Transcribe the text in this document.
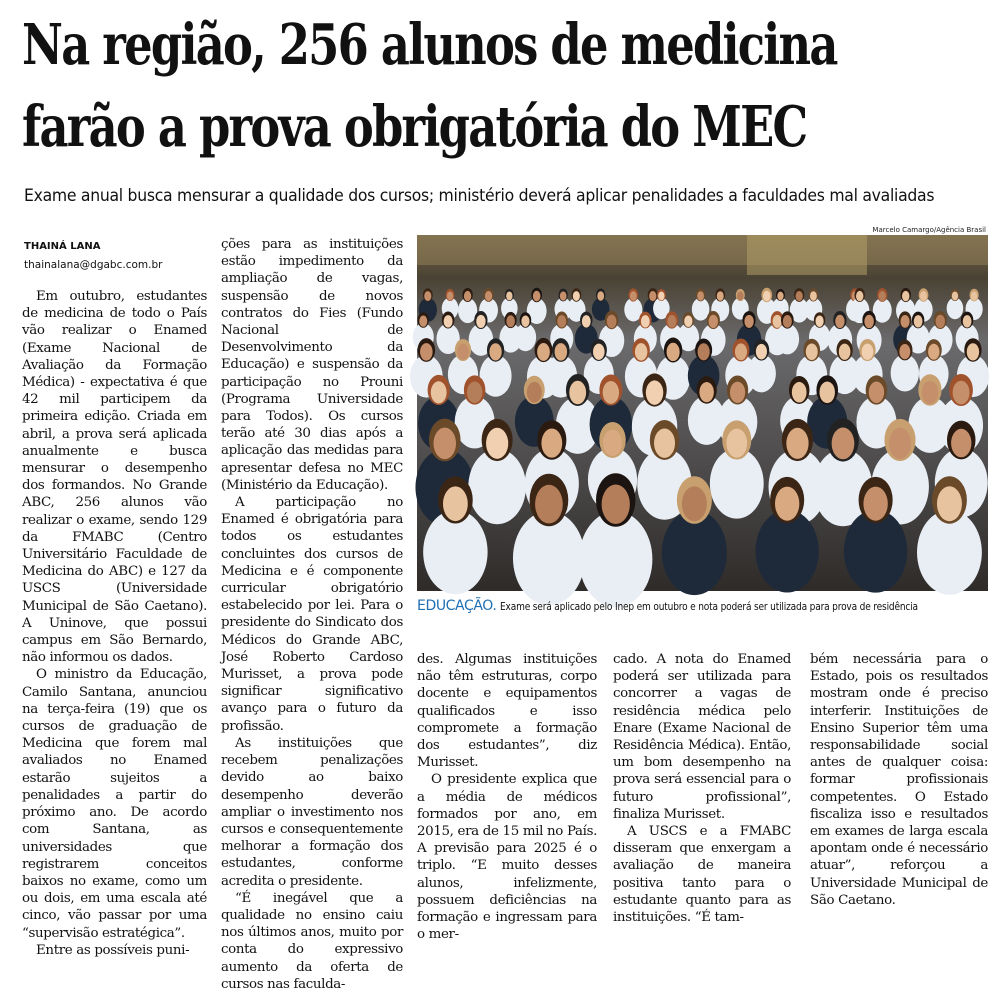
Na região, 256 alunos de medicina
farão a prova obrigatória do MEC
Exame anual busca mensurar a qualidade dos cursos; ministério deverá aplicar penalidades a faculdades mal avaliadas
THAINÁ LANA
thainalana@dgabc.com.br

Em outubro, estudantes de medicina de todo o País vão realizar o Enamed (Exame Nacional de Avaliação da Formação Médica) - expectativa é que 42 mil participem da primeira edição. Criada em abril, a prova será aplicada anualmente e busca mensurar o desempenho dos formandos. No Grande ABC, 256 alunos vão realizar o exame, sendo 129 da FMABC (Centro Universitário Faculdade de Medicina do ABC) e 127 da USCS (Universidade Municipal de São Caetano). A Uninove, que possui campus em São Bernardo, não informou os dados.

O ministro da Educação, Camilo Santana, anunciou na terça-feira (19) que os cursos de graduação de Medicina que forem mal avaliados no Enamed estarão sujeitos a penalidades a partir do próximo ano. De acordo com Santana, as universidades que registrarem conceitos baixos no exame, como um ou dois, em uma escala até cinco, vão passar por uma “supervisão estratégica”.

Entre as possíveis puni-

ções para as instituições estão impedimento da ampliação de vagas, suspensão de novos contratos do Fies (Fundo Nacional de Desenvolvimento da Educação) e suspensão da participação no Prouni (Programa Universidade para Todos). Os cursos terão até 30 dias após a aplicação das medidas para apresentar defesa no MEC (Ministério da Educação).

A participação no Enamed é obrigatória para todos os estudantes concluintes dos cursos de Medicina e é componente curricular obrigatório estabelecido por lei. Para o presidente do Sindicato dos Médicos do Grande ABC, José Roberto Cardoso Murisset, a prova pode significar significativo avanço para o futuro da profissão.

As instituições que recebem penalizações devido ao baixo desempenho deverão ampliar o investimento nos cursos e consequentemente melhorar a formação dos estudantes, conforme acredita o presidente.

“É inegável que a qualidade no ensino caiu nos últimos anos, muito por conta do expressivo aumento da oferta de cursos nas faculda-

Marcelo Camargo/Agência Brasil
EDUCAÇÃO. Exame será aplicado pelo Inep em outubro e nota poderá ser utilizada para prova de residência

des. Algumas instituições não têm estruturas, corpo docente e equipamentos qualificados e isso compromete a formação dos estudantes”, diz Murisset.

O presidente explica que a média de médicos formados por ano, em 2015, era de 15 mil no País. A previsão para 2025 é o triplo. “E muito desses alunos, infelizmente, possuem deficiências na formação e ingressam para o mer-

cado. A nota do Enamed poderá ser utilizada para concorrer a vagas de residência médica pelo Enare (Exame Nacional de Residência Médica). Então, um bom desempenho na prova será essencial para o futuro profissional”, finaliza Murisset.

A USCS e a FMABC disseram que enxergam a avaliação de maneira positiva tanto para o estudante quanto para as instituições. “É tam-

bém necessária para o Estado, pois os resultados mostram onde é preciso interferir. Instituições de Ensino Superior têm uma responsabilidade social antes de qualquer coisa: formar profissionais competentes. O Estado fiscaliza isso e resultados em exames de larga escala apontam onde é necessário atuar”, reforçou a Universidade Municipal de São Caetano.
